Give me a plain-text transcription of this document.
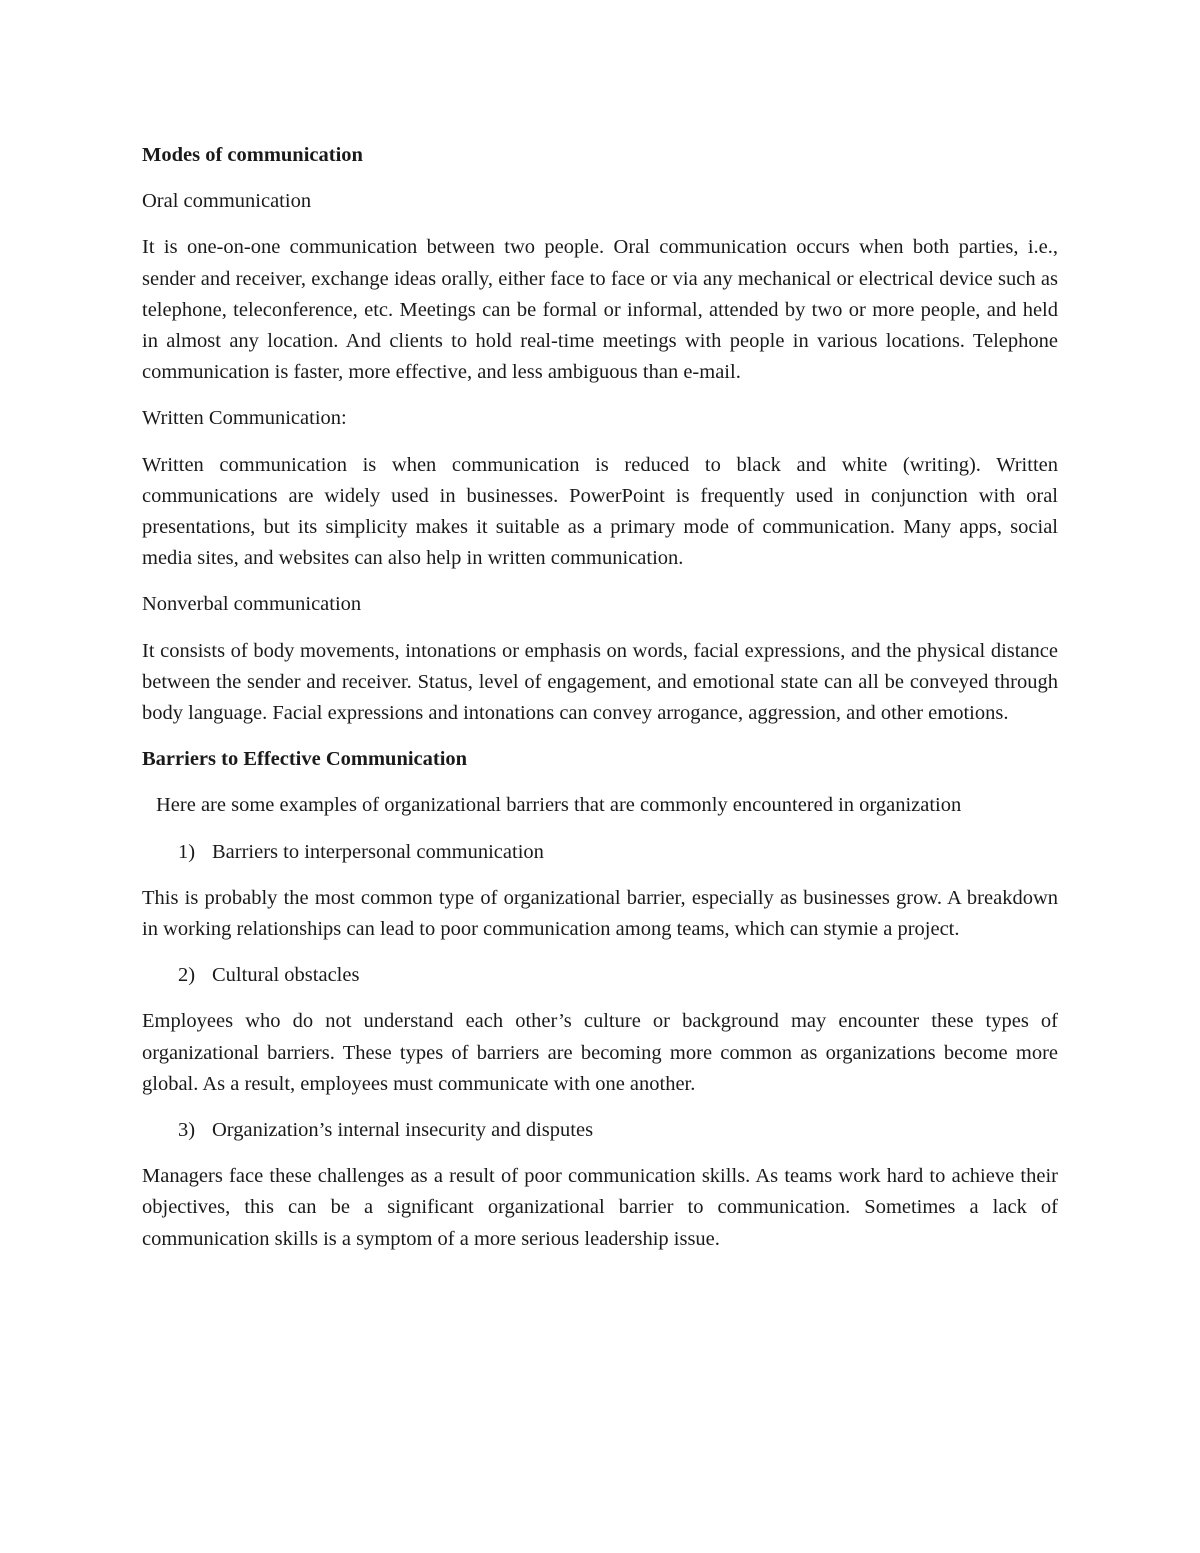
Modes of communication

Oral communication

It is one-on-one communication between two people. Oral communication occurs when both parties, i.e., sender and receiver, exchange ideas orally, either face to face or via any mechanical or electrical device such as telephone, teleconference, etc. Meetings can be formal or informal, attended by two or more people, and held in almost any location. And clients to hold real-time meetings with people in various locations. Telephone communication is faster, more effective, and less ambiguous than e-mail.

Written Communication:

Written communication is when communication is reduced to black and white (writing). Written communications are widely used in businesses. PowerPoint is frequently used in conjunction with oral presentations, but its simplicity makes it suitable as a primary mode of communication. Many apps, social media sites, and websites can also help in written communication.

Nonverbal communication

It consists of body movements, intonations or emphasis on words, facial expressions, and the physical distance between the sender and receiver. Status, level of engagement, and emotional state can all be conveyed through body language. Facial expressions and intonations can convey arrogance, aggression, and other emotions.

Barriers to Effective Communication

Here are some examples of organizational barriers that are commonly encountered in organization

1) Barriers to interpersonal communication

This is probably the most common type of organizational barrier, especially as businesses grow. A breakdown in working relationships can lead to poor communication among teams, which can stymie a project.

2) Cultural obstacles

Employees who do not understand each other’s culture or background may encounter these types of organizational barriers. These types of barriers are becoming more common as organizations become more global. As a result, employees must communicate with one another.

3) Organization’s internal insecurity and disputes

Managers face these challenges as a result of poor communication skills. As teams work hard to achieve their objectives, this can be a significant organizational barrier to communication. Sometimes a lack of communication skills is a symptom of a more serious leadership issue.
